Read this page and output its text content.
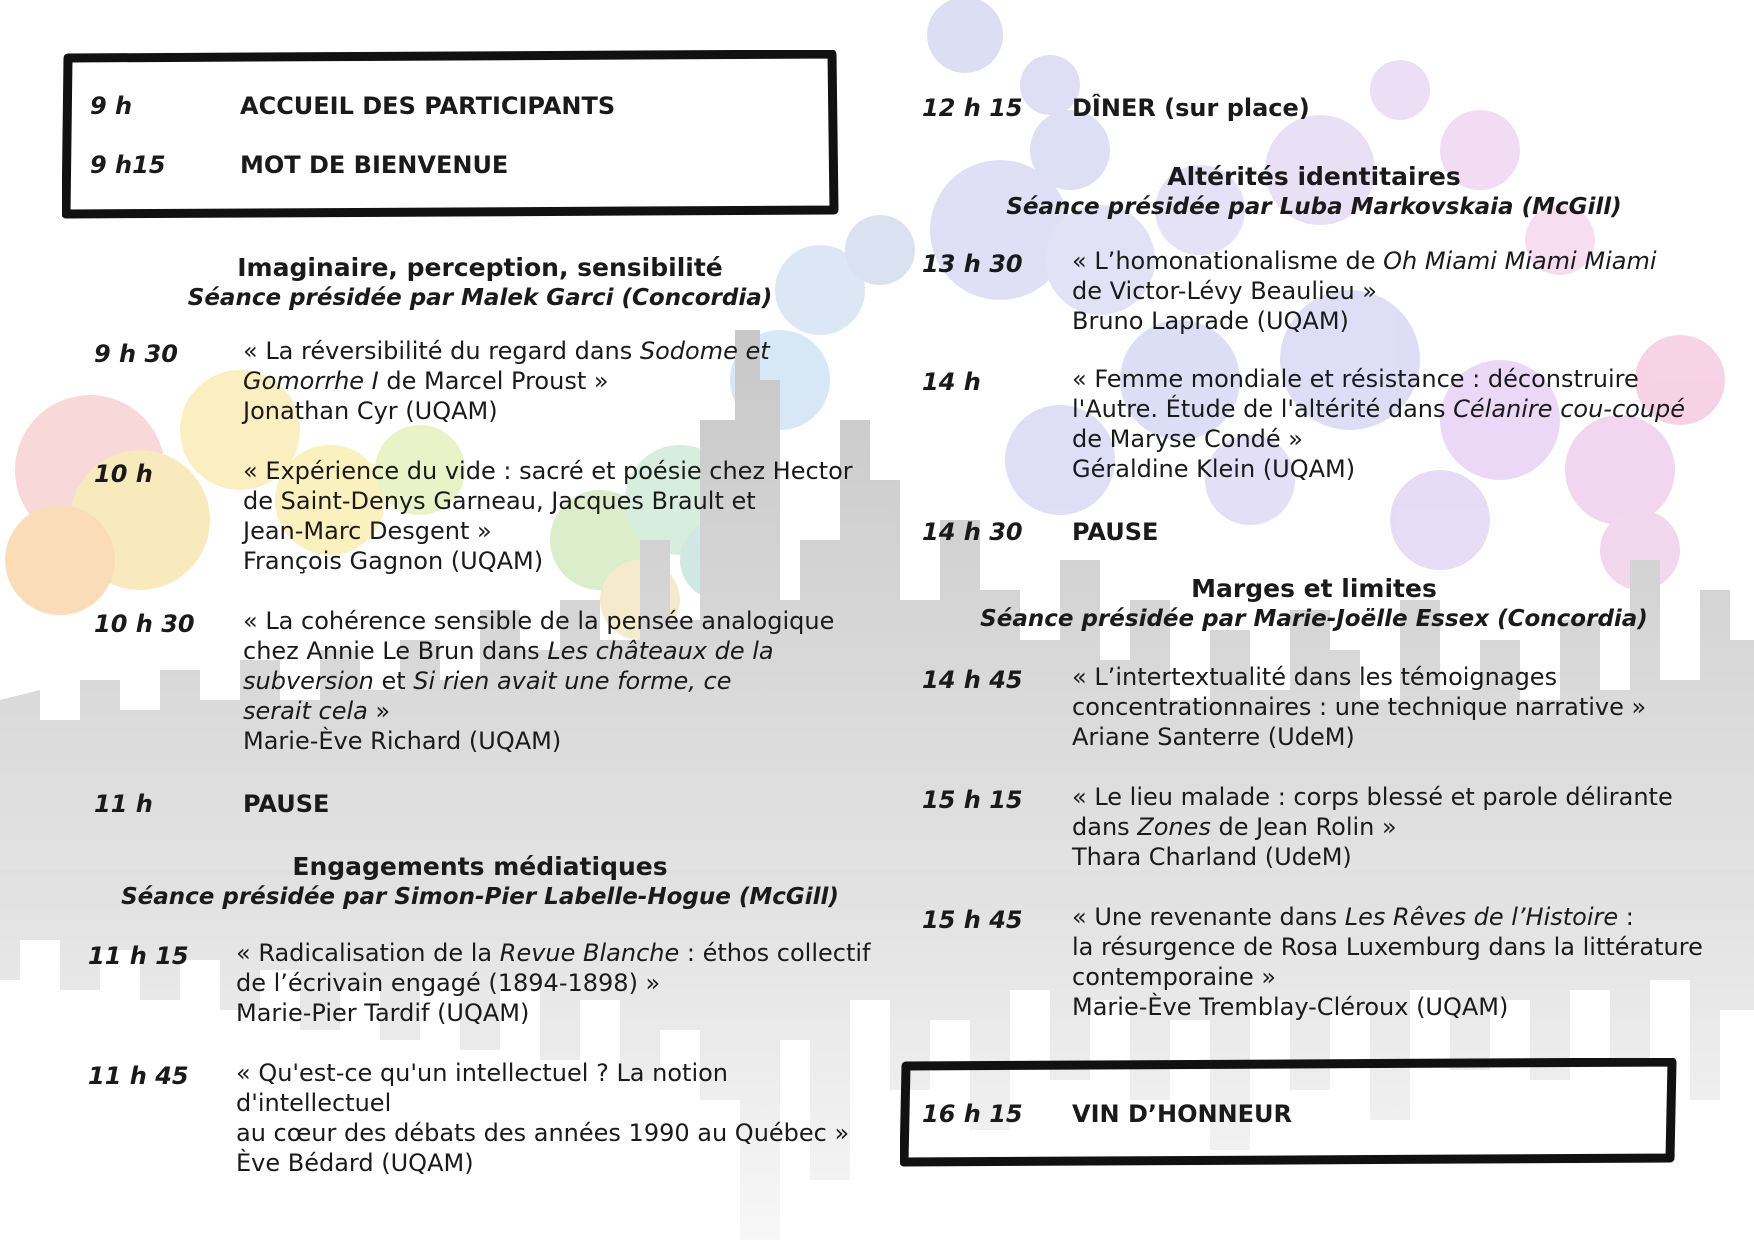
9 h	ACCUEIL DES PARTICIPANTS
9 h15	MOT DE BIENVENUE
Imaginaire, perception, sensibilité
Séance présidée par Malek Garci (Concordia)
9 h 30	« La réversibilité du regard dans Sodome et
Gomorrhe I de Marcel Proust »
Jonathan Cyr (UQAM)
10 h	« Expérience du vide : sacré et poésie chez Hector
de Saint-Denys Garneau, Jacques Brault et
Jean-Marc Desgent »
François Gagnon (UQAM)
10 h 30 « La cohérence sensible de la pensée analogique
chez Annie Le Brun dans Les châteaux de la
subversion et Si rien avait une forme, ce
serait cela »
Marie-Ève Richard (UQAM)
11 h	PAUSE
Engagements médiatiques
Séance présidée par Simon-Pier Labelle-Hogue (McGill)
11 h 15 « Radicalisation de la Revue Blanche : éthos collectif
de l’écrivain engagé (1894-1898) »
Marie-Pier Tardif (UQAM)
11 h 45 « Qu'est-ce qu'un intellectuel ? La notion d'intellectuel
au cœur des débats des années 1990 au Québec »
Ève Bédard (UQAM)
12 h 15 DÎNER (sur place)
Altérités identitaires
Séance présidée par Luba Markovskaia (McGill)
13 h 30 « L’homonationalisme de Oh Miami Miami Miami
de Victor-Lévy Beaulieu »
Bruno Laprade (UQAM)
14 h	« Femme mondiale et résistance : déconstruire
l'Autre. Étude de l'altérité dans Célanire cou-coupé
de Maryse Condé »
Géraldine Klein (UQAM)
14 h 30 PAUSE
Marges et limites
Séance présidée par Marie-Joëlle Essex (Concordia)
14 h 45 « L’intertextualité dans les témoignages
concentrationnaires : une technique narrative »
Ariane Santerre (UdeM)
15 h 15 « Le lieu malade : corps blessé et parole délirante
dans Zones de Jean Rolin »
Thara Charland (UdeM)
15 h 45 « Une revenante dans Les Rêves de l’Histoire :
la résurgence de Rosa Luxemburg dans la littérature
contemporaine »
Marie-Ève Tremblay-Cléroux (UQAM)
16 h 15 VIN D’HONNEUR
